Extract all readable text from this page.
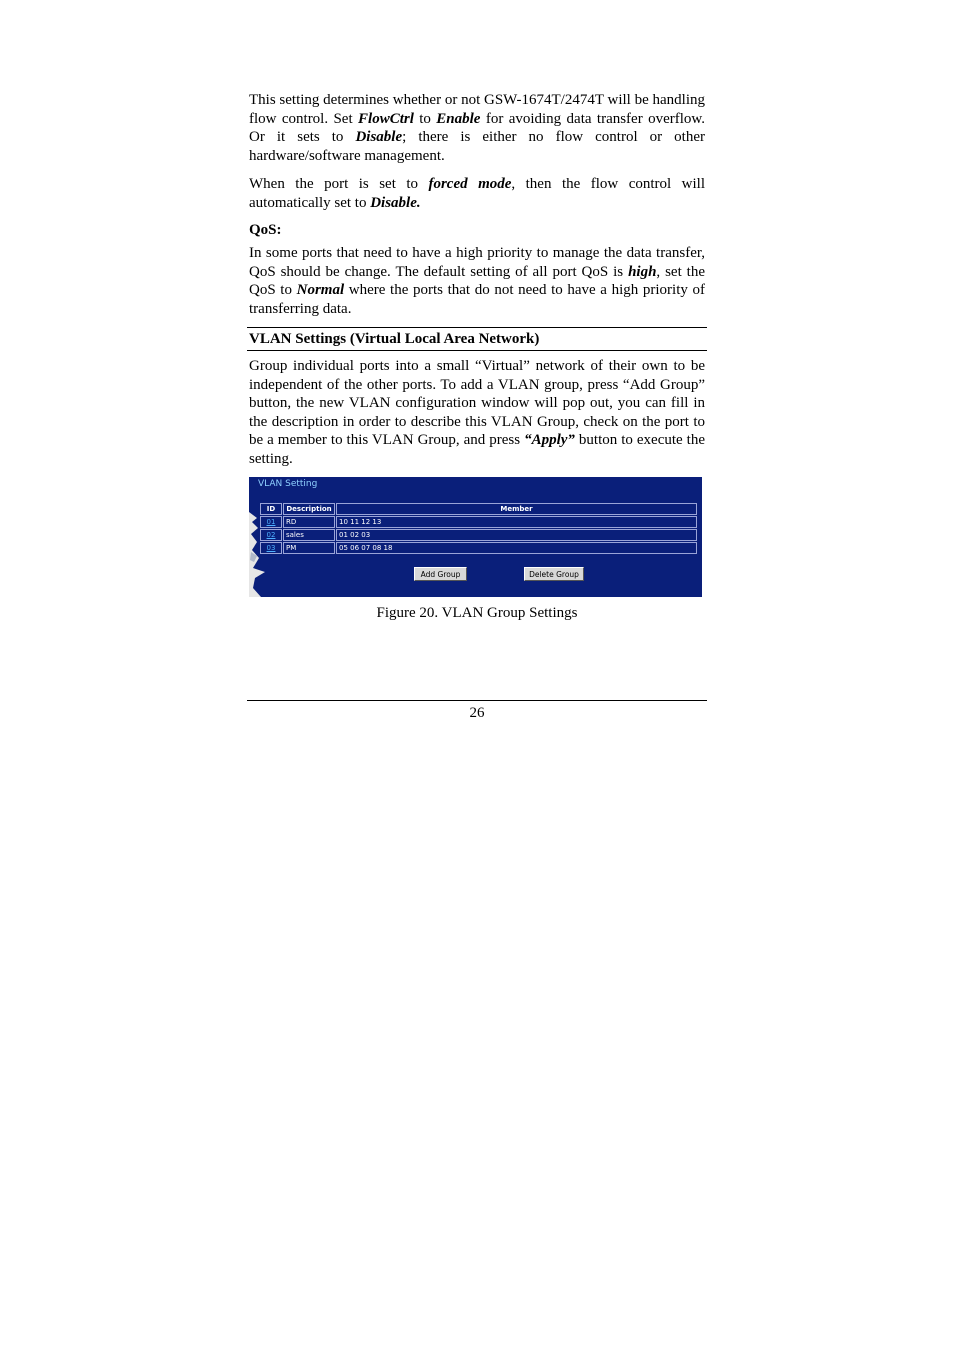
This setting determines whether or not GSW-1674T/2474T will be handling flow control. Set FlowCtrl to Enable for avoiding data transfer overflow. Or it sets to Disable; there is either no flow control or other hardware/software management.

When the port is set to forced mode, then the flow control will automatically set to Disable.

QoS:

In some ports that need to have a high priority to manage the data transfer, QoS should be change. The default setting of all port QoS is high, set the QoS to Normal where the ports that do not need to have a high priority of transferring data.

VLAN Settings (Virtual Local Area Network)

Group individual ports into a small “Virtual” network of their own to be independent of the other ports. To add a VLAN group, press “Add Group” button, the new VLAN configuration window will pop out, you can fill in the description in order to describe this VLAN Group, check on the port to be a member to this VLAN Group, and press “Apply” button to execute the setting.

VLAN Setting
ID	Description	Member
01	RD	10 11 12 13
02	sales	01 02 03
03	PM	05 06 07 08 18
Add Group	Delete Group
Figure 20. VLAN Group Settings
26
